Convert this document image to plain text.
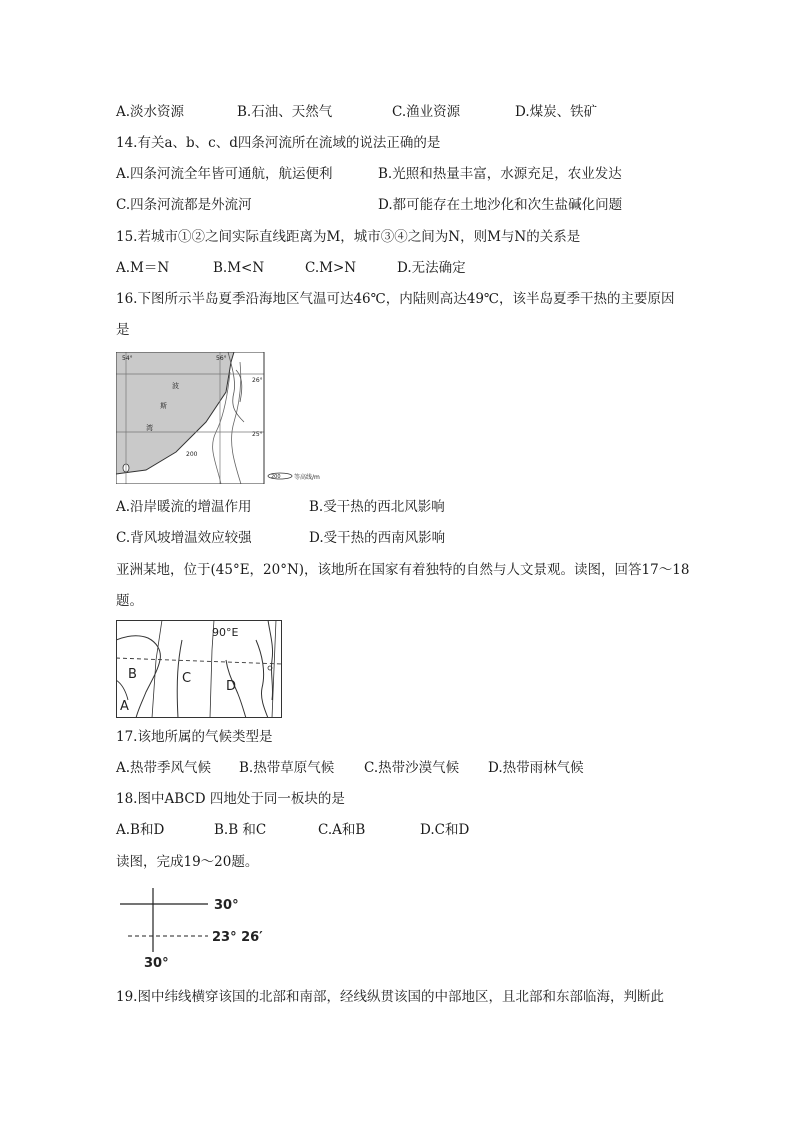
A.淡水资源	B.石油、天然气	C.渔业资源	D.煤炭、铁矿
14.有关a、b、c、d四条河流所在流域的说法正确的是
A.四条河流全年皆可通航，航运便利	B.光照和热量丰富，水源充足，农业发达
C.四条河流都是外流河	D.都可能存在土地沙化和次生盐碱化问题
15.若城市①②之间实际直线距离为M，城市③④之间为N，则M与N的关系是
A.M＝N	B.M<N	C.M>N	D.无法确定
16.下图所示半岛夏季沿海地区气温可达46℃，内陆则高达49℃，该半岛夏季干热的主要原因
是
54°	56°
26°
25°
波
斯
湾
200
200 等高线/m
A.沿岸暖流的增温作用	B.受干热的西北风影响
C.背风坡增温效应较强	D.受干热的西南风影响
亚洲某地，位于(45°E，20°N)，该地所在国家有着独特的自然与人文景观。读图，回答17～18
题。
90°E
B	C
D
A
17.该地所属的气候类型是
A.热带季风气候 B.热带草原气候 C.热带沙漠气候 D.热带雨林气候
18.图中ABCD 四地处于同一板块的是
A.B和D	B.B 和C	C.A和B	D.C和D
读图，完成19～20题。
30°
23° 26′
30°
19.图中纬线横穿该国的北部和南部，经线纵贯该国的中部地区，且北部和东部临海，判断此
